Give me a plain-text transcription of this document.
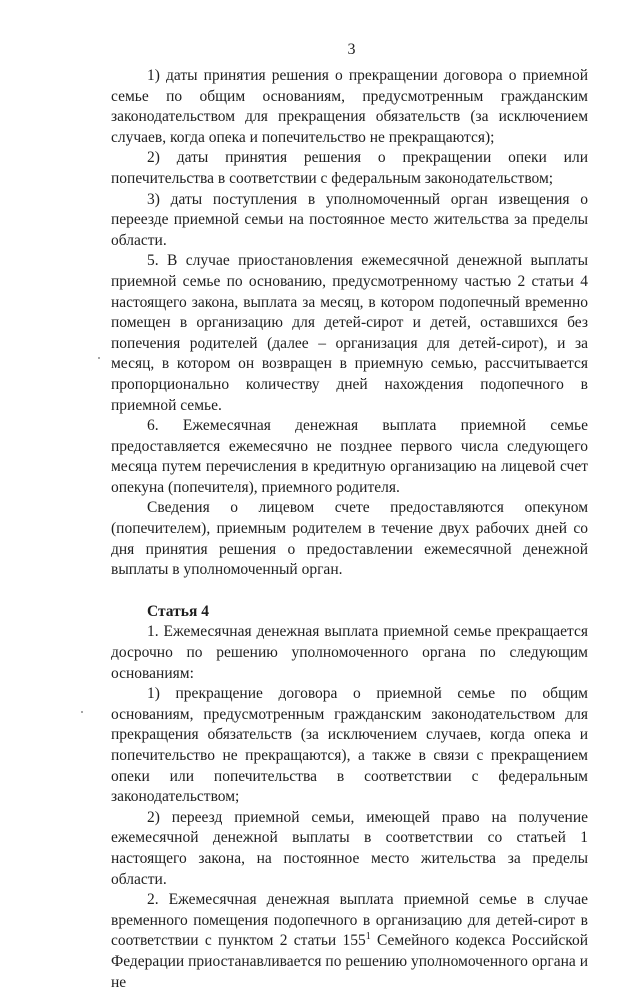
3

1) даты принятия решения о прекращении договора о приемной семье по общим основаниям, предусмотренным гражданским законодательством для прекращения обязательств (за исключением случаев, когда опека и попечительство не прекращаются);

2) даты принятия решения о прекращении опеки или попечительства в соответствии с федеральным законодательством;

3) даты поступления в уполномоченный орган извещения о переезде приемной семьи на постоянное место жительства за пределы области.

5. В случае приостановления ежемесячной денежной выплаты приемной семье по основанию, предусмотренному частью 2 статьи 4 настоящего закона, выплата за месяц, в котором подопечный временно помещен в организацию для детей-сирот и детей, оставшихся без попечения родителей (далее – организация для детей-сирот), и за месяц, в котором он возвращен в приемную семью, рассчитывается пропорционально количеству дней нахождения подопечного в приемной семье.

6. Ежемесячная денежная выплата приемной семье предоставляется ежемесячно не позднее первого числа следующего месяца путем перечисления в кредитную организацию на лицевой счет опекуна (попечителя), приемного родителя.

Сведения о лицевом счете предоставляются опекуном (попечителем), приемным родителем в течение двух рабочих дней со дня принятия решения о предоставлении ежемесячной денежной выплаты в уполномоченный орган.

Статья 4

1. Ежемесячная денежная выплата приемной семье прекращается досрочно по решению уполномоченного органа по следующим основаниям:

1) прекращение договора о приемной семье по общим основаниям, предусмотренным гражданским законодательством для прекращения обязательств (за исключением случаев, когда опека и попечительство не прекращаются), а также в связи с прекращением опеки или попечительства в соответствии с федеральным законодательством;

2) переезд приемной семьи, имеющей право на получение ежемесячной денежной выплаты в соответствии со статьей 1 настоящего закона, на постоянное место жительства за пределы области.

2. Ежемесячная денежная выплата приемной семье в случае временного помещения подопечного в организацию для детей-сирот в соответствии с пунктом 2 статьи $155^1$ Семейного кодекса Российской Федерации приостанавливается по решению уполномоченного органа и не
